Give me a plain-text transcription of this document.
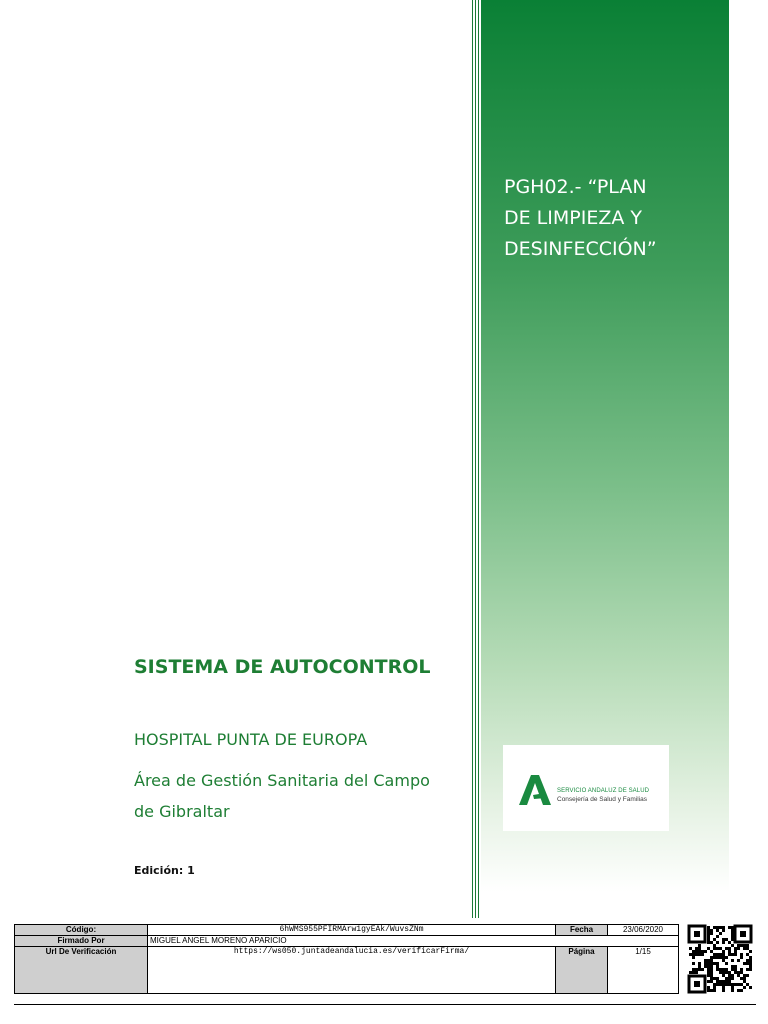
PGH02.- “PLAN
DE LIMPIEZA Y
DESINFECCIÓN”
SERVICIO ANDALUZ DE SALUD
Consejería de Salud y Familias
SISTEMA DE AUTOCONTROL
HOSPITAL PUNTA DE EUROPA
Área de Gestión Sanitaria del Campo de Gibraltar
Edición: 1
Código:	6hWMS955PFIRMArw1gyEAk/WuvsZNm	Fecha	23/06/2020
Firmado Por	MIGUEL ANGEL MORENO APARICIO		
Url De Verificación	https://ws050.juntadeandalucia.es/verificarFirma/	Página	1/15
